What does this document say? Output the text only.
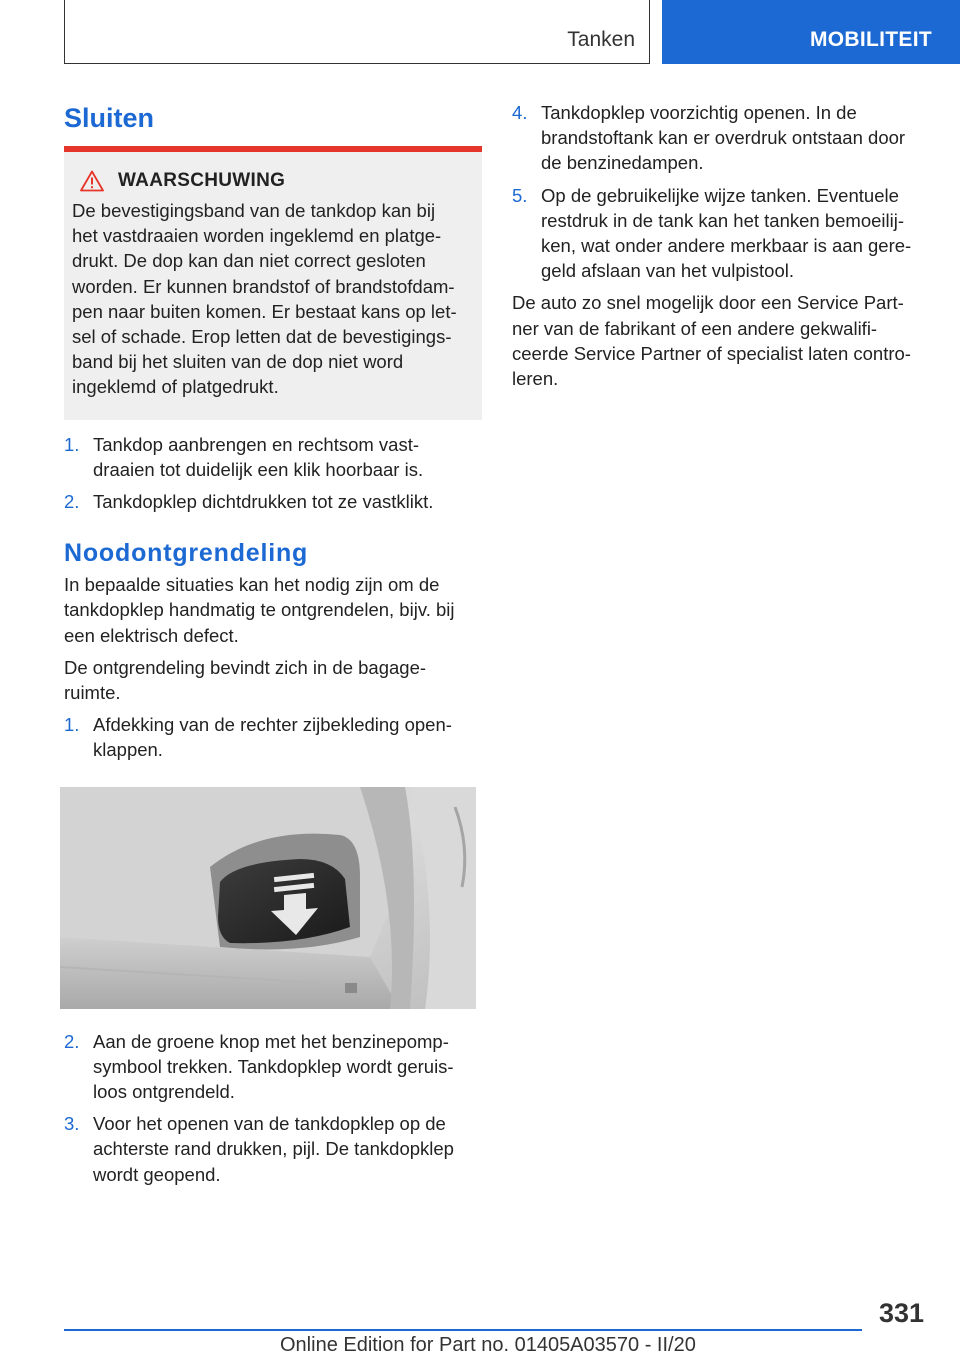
Tanken	MOBILITEIT
Sluiten
WAARSCHUWING
De bevestigingsband van de tankdop kan bij
het vastdraaien worden ingeklemd en platge‐
drukt. De dop kan dan niet correct gesloten
worden. Er kunnen brandstof of brandstofdam‐
pen naar buiten komen. Er bestaat kans op let‐
sel of schade. Erop letten dat de bevestigings‐
band bij het sluiten van de dop niet word
ingeklemd of platgedrukt.
1. Tankdop aanbrengen en rechtsom vast‐
draaien tot duidelijk een klik hoorbaar is.
2. Tankdopklep dichtdrukken tot ze vastklikt.
Noodontgrendeling
In bepaalde situaties kan het nodig zijn om de
tankdopklep handmatig te ontgrendelen, bijv. bij
een elektrisch defect.
De ontgrendeling bevindt zich in de bagage‐
ruimte.
1. Afdekking van de rechter zijbekleding open‐
klappen.
2. Aan de groene knop met het benzinepomp‐
symbool trekken. Tankdopklep wordt geruis‐
loos ontgrendeld.
3. Voor het openen van de tankdopklep op de
achterste rand drukken, pijl. De tankdopklep
wordt geopend.
4. Tankdopklep voorzichtig openen. In de
brandstoftank kan er overdruk ontstaan door
de benzinedampen.
5. Op de gebruikelijke wijze tanken. Eventuele
restdruk in de tank kan het tanken bemoeilij‐
ken, wat onder andere merkbaar is aan gere‐
geld afslaan van het vulpistool.
De auto zo snel mogelijk door een Service Part‐
ner van de fabrikant of een andere gekwalifi‐
ceerde Service Partner of specialist laten contro‐
leren.
331
Online Edition for Part no. 01405A03570 - II/20
